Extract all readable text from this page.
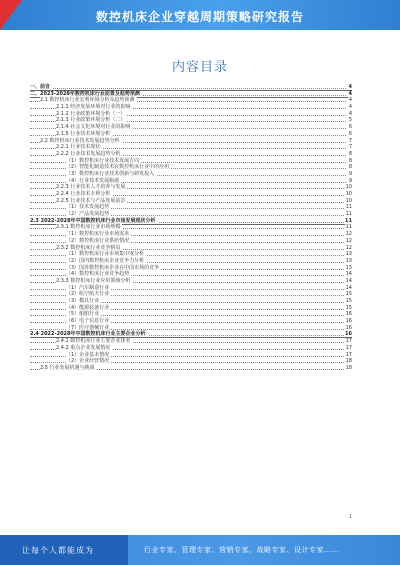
数控机床企业穿越周期策略研究报告
内容目录
一、前言	4
二、2023-2028年数控机床行业前景及趋势预测	4
2.1 数控机床行业宏观环境分析及趋势预测	4
2.1.1 经济发展环境对行业的影响	4
2.1.2 行业政策环境分析（一）	4
2.1.3 行业政策环境分析（二）	5
2.1.4 社会文化环境对行业的影响	6
2.1.5 行业技术环境分析	6
2.2 数控机床行业技术发展趋势分析	7
2.2.1 行业技术现状	7
2.2.2 行业技术发展趋势分析	8
（1）数控机床行业技术发展方向	8
（2）智能化制造技术在数控机床行业中的应用	8
（3）数控机床行业技术创新与研发投入	9
（4）行业技术发展瓶颈	9
2.2.3 行业技术人才培养与发展	10
2.2.4 行业技术专利分析	10
2.2.5 行业技术与产品发展前景	10
（1）技术发展趋势	11
（2）产品发展趋势	11
2.3 2022-2028年中国数控机床行业市场发展现状分析	11
2.3.1 数控机床行业市场规模	11
（1）数控机床行业市场需求	12
（2）数控机床行业供给情况	12
2.3.2 数控机床行业竞争格局	12
（1）数控机床行业市场集中度分析	13
（2）国内数控机床企业竞争力分析	13
（3）国外数控机床企业在中国市场的竞争	13
（4）数控机床行业竞争趋势	14
2.3.3 数控机床行业应用领域分析	14
（1）汽车制造行业	14
（2）航空航天行业	15
（3）模具行业	15
（4）能源装备行业	15
（5）船舶行业	16
（6）电子信息行业	16
（7）医疗器械行业	16
2.4 2022-2028年中国数控机床行业主要企业分析	16
2.4.1 数控机床行业主要企业排名	17
2.4.2 重点企业发展情况	17
（1）企业基本情况	17
（2）企业经营情况	18
2.5 行业发展机遇与挑战	18
1
让每个人都能成为	行业专家、管理专家、营销专家、战略专家、设计专家……
